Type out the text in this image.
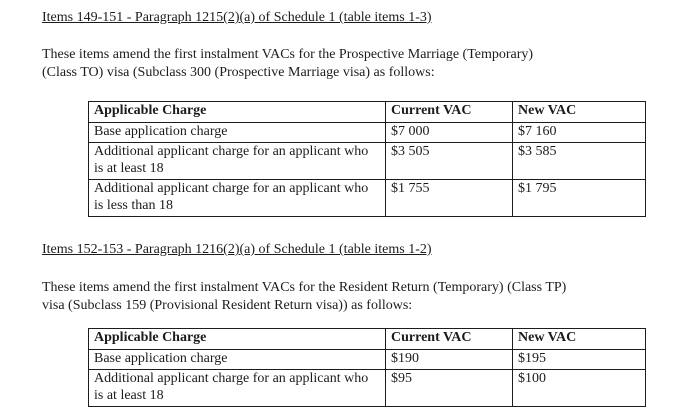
Items 149-151 - Paragraph 1215(2)(a) of Schedule 1 (table items 1-3)

These items amend the first instalment VACs for the Prospective Marriage (Temporary)
(Class TO) visa (Subclass 300 (Prospective Marriage visa) as follows:

Applicable Charge	Current VAC	New VAC
Base application charge	$7 000	$7 160
Additional applicant charge for an applicant who is at least 18	$3 505	$3 585
Additional applicant charge for an applicant who is less than 18	$1 755	$1 795
Items 152-153 - Paragraph 1216(2)(a) of Schedule 1 (table items 1-2)

These items amend the first instalment VACs for the Resident Return (Temporary) (Class TP)
visa (Subclass 159 (Provisional Resident Return visa)) as follows:

Applicable Charge	Current VAC	New VAC
Base application charge	$190	$195
Additional applicant charge for an applicant who is at least 18	$95	$100
